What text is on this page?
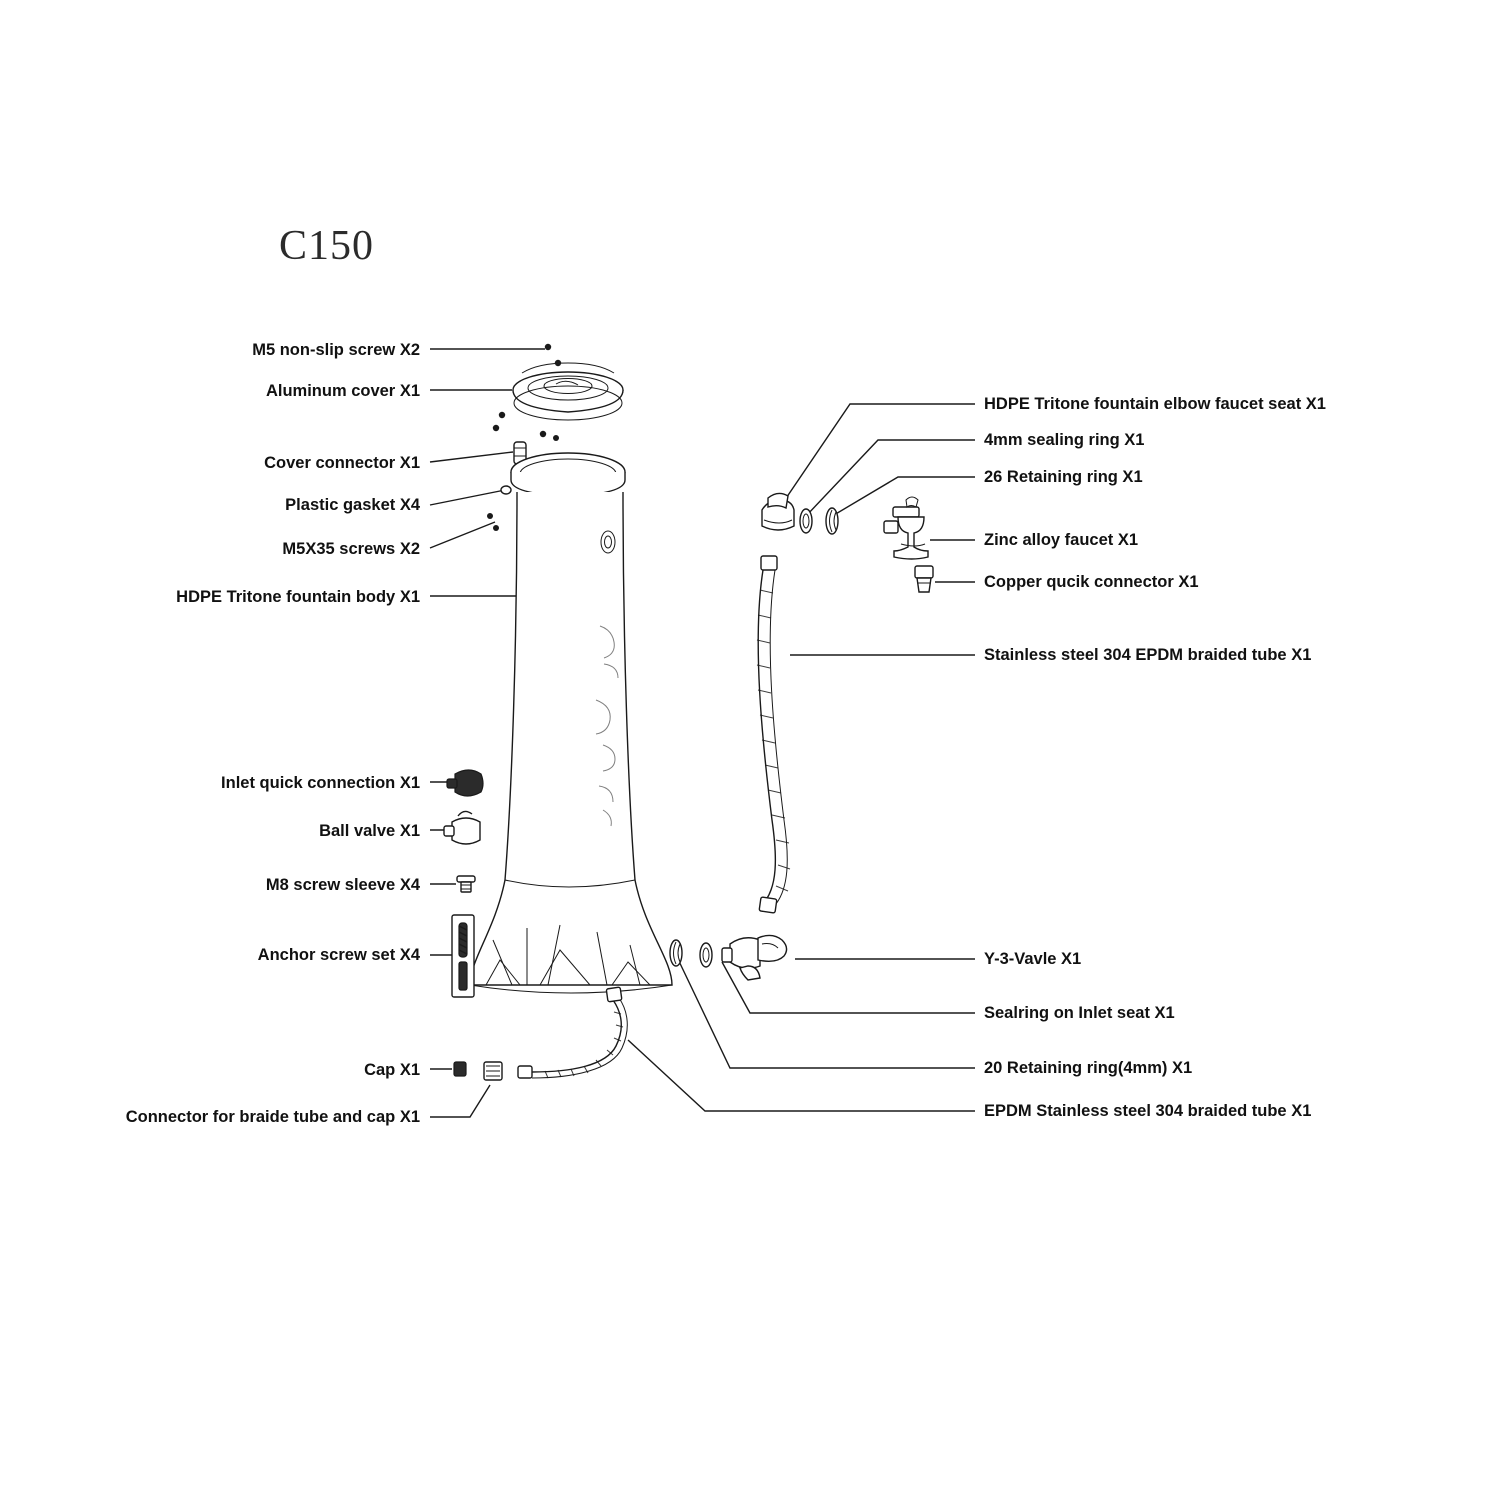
C150
M5 non-slip screw X2
Aluminum cover X1
Cover connector X1
Plastic gasket X4
M5X35 screws X2
HDPE Tritone fountain body X1
Inlet quick connection X1
Ball valve X1
M8 screw sleeve X4
Anchor screw set X4
Cap X1
Connector for braide tube and cap X1
HDPE Tritone fountain elbow faucet seat X1
4mm sealing ring X1
26 Retaining ring X1
Zinc alloy faucet X1
Copper qucik connector X1
Stainless steel 304 EPDM braided tube X1
Y-3-Vavle X1
Sealring on Inlet seat X1
20 Retaining ring(4mm) X1
EPDM Stainless steel 304 braided tube X1
